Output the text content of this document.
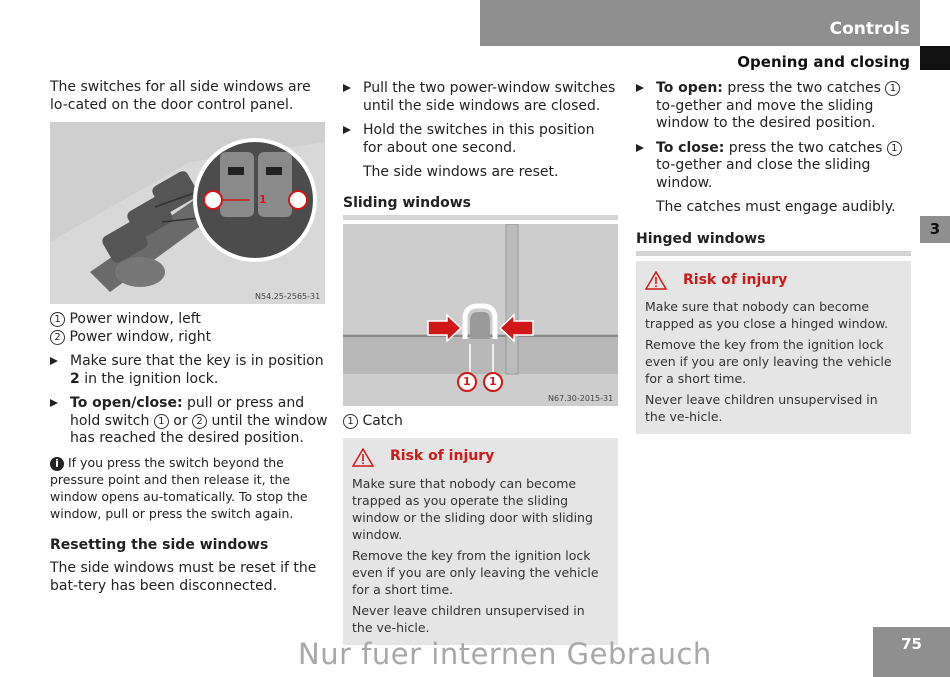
Controls
Opening and closing
3

The switches for all side windows are lo-cated on the door control panel.

1
N54.25-2565-31

1 Power window, left

2 Power window, right

Make sure that the key is in position 2 in the ignition lock.

To open/close: pull or press and hold switch 1 or 2 until the window has reached the desired position.

i If you press the switch beyond the pressure point and then release it, the window opens au-tomatically. To stop the window, pull or press the switch again.

Resetting the side windows

The side windows must be reset if the bat-tery has been disconnected.

Pull the two power-window switches until the side windows are closed.

Hold the switches in this position for about one second.

The side windows are reset.

Sliding windows

1 1
N67.30-2015-31

1 Catch

Risk of injury

Make sure that nobody can become trapped as you operate the sliding window or the sliding door with sliding window.

Remove the key from the ignition lock even if you are only leaving the vehicle for a short time.

Never leave children unsupervised in the ve-hicle.

To open: press the two catches 1 to-gether and move the sliding window to the desired position.

To close: press the two catches 1 to-gether and close the sliding window.

The catches must engage audibly.

Hinged windows

Risk of injury

Make sure that nobody can become trapped as you close a hinged window.

Remove the key from the ignition lock even if you are only leaving the vehicle for a short time.

Never leave children unsupervised in the ve-hicle.

75
Nur fuer internen Gebrauch
